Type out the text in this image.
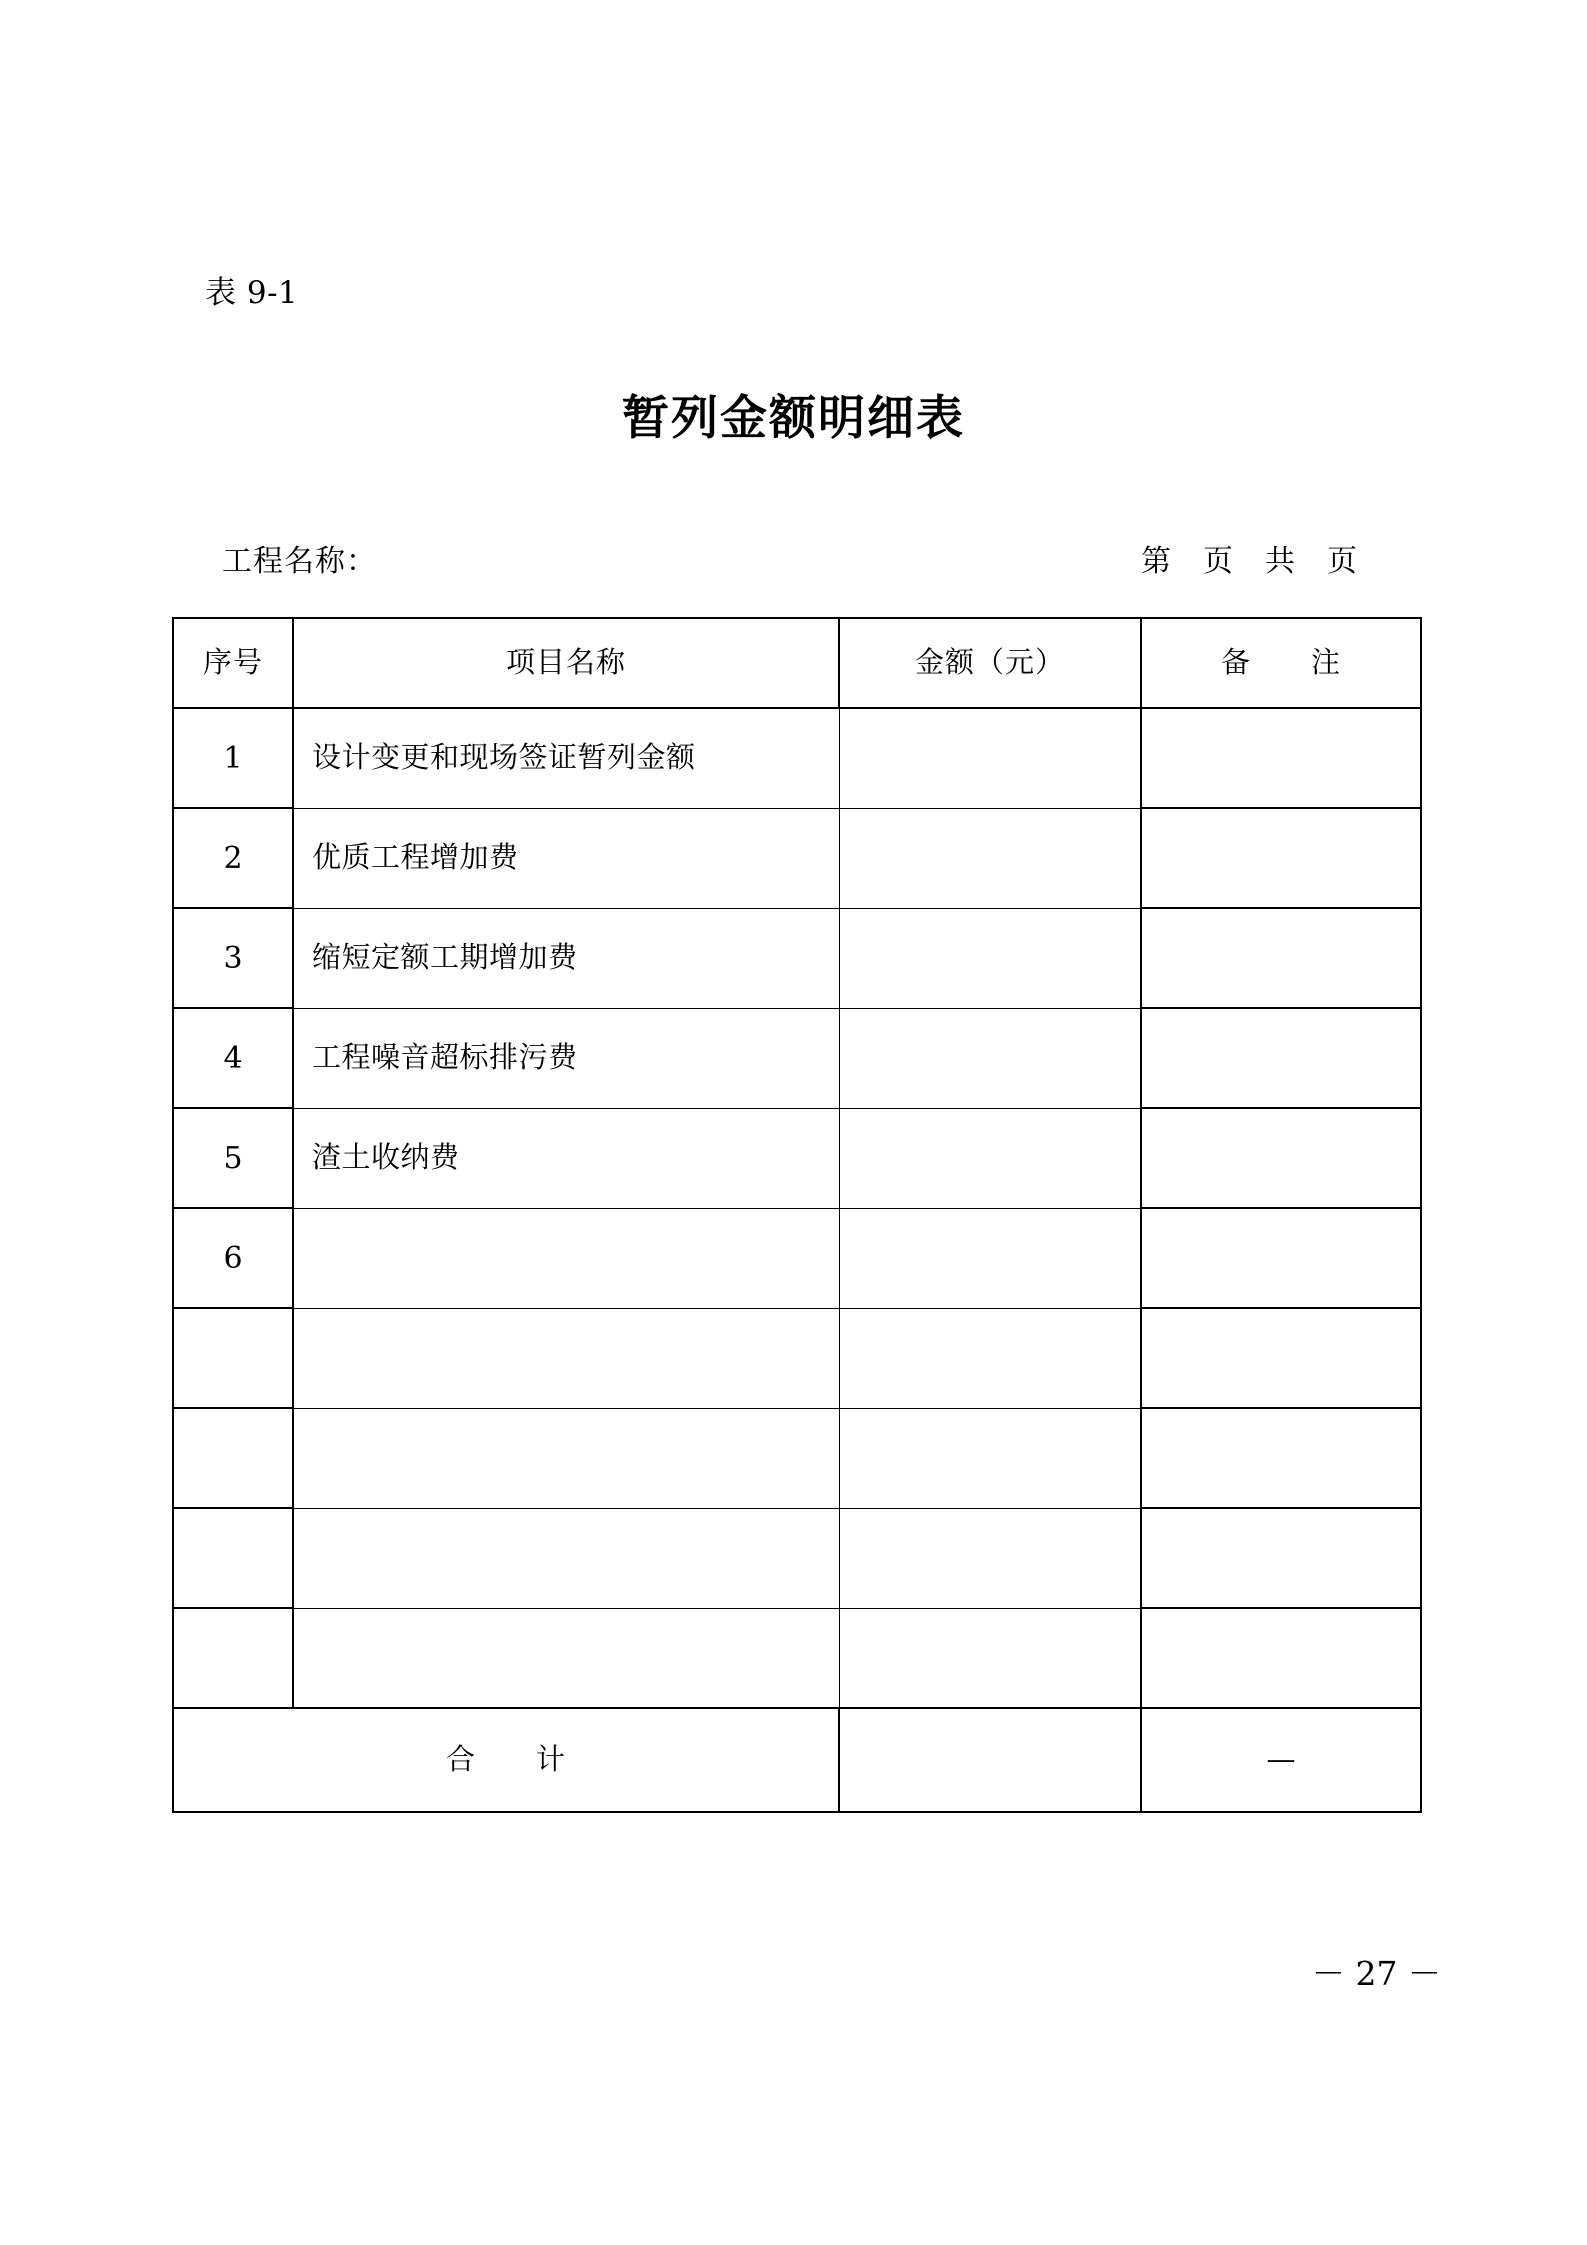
表 9-1
暂列金额明细表
工程名称：	第　页　共　页
序号	项目名称	金额（元）	备　　注
1	设计变更和现场签证暂列金额		
2	优质工程增加费		
3	缩短定额工期增加费		
4	工程噪音超标排污费		
5	渣土收纳费		
6			

合　　计			—
－ 27 －
